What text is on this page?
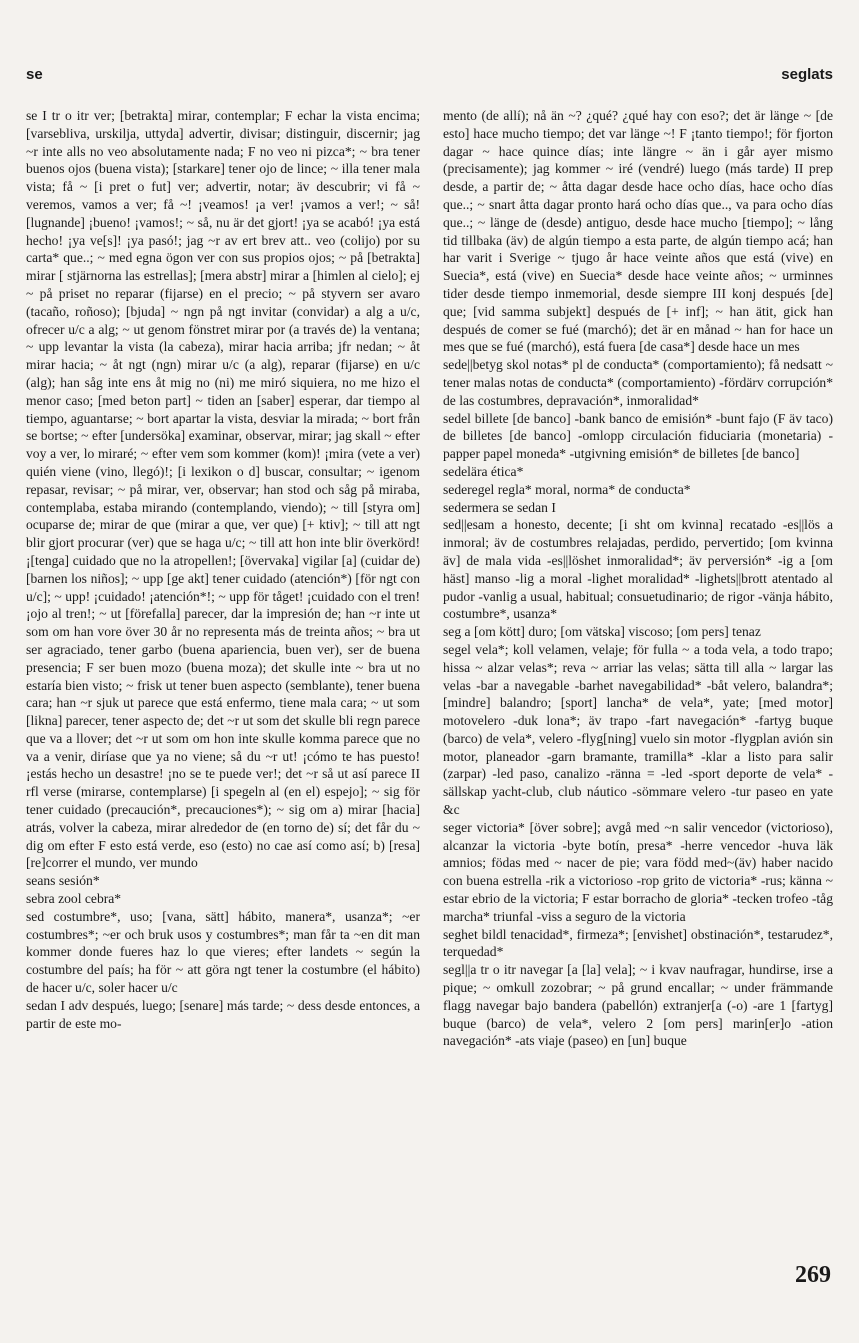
se	seglats

se I tr o itr ver; [betrakta] mirar, contemplar; F echar la vista encima; [varsebliva, urskilja, uttyda] advertir, divisar; distinguir, discernir; jag ~r inte alls no veo absolutamente nada; F no veo ni pizca*; ~ bra tener buenos ojos (buena vista); [starkare] tener ojo de lince; ~ illa tener mala vista; få ~ [i pret o fut] ver; advertir, notar; äv descubrir; vi få ~ veremos, vamos a ver; få ~! ¡veamos! ¡a ver! ¡vamos a ver!; ~ så! [lugnande] ¡bueno! ¡vamos!; ~ så, nu är det gjort! ¡ya se acabó! ¡ya está hecho! ¡ya ve[s]! ¡ya pasó!; jag ~r av ert brev att.. veo (colijo) por su carta* que..; ~ med egna ögon ver con sus propios ojos; ~ på [betrakta] mirar [ stjärnorna las estrellas]; [mera abstr] mirar a [himlen al cielo]; ej ~ på priset no reparar (fijarse) en el precio; ~ på styvern ser avaro (tacaño, roñoso); [bjuda] ~ ngn på ngt invitar (convidar) a alg a u/c, ofrecer u/c a alg; ~ ut genom fönstret mirar por (a través de) la ventana; ~ upp levantar la vista (la cabeza), mirar hacia arriba; jfr nedan; ~ åt mirar hacia; ~ åt ngt (ngn) mirar u/c (a alg), reparar (fijarse) en u/c (alg); han såg inte ens åt mig no (ni) me miró siquiera, no me hizo el menor caso; [med beton part] ~ tiden an [saber] esperar, dar tiempo al tiempo, aguantarse; ~ bort apartar la vista, desviar la mirada; ~ bort från se bortse; ~ efter [undersöka] examinar, observar, mirar; jag skall ~ efter voy a ver, lo miraré; ~ efter vem som kommer (kom)! ¡mira (vete a ver) quién viene (vino, llegó)!; [i lexikon o d] buscar, consultar; ~ igenom repasar, revisar; ~ på mirar, ver, observar; han stod och såg på miraba, contemplaba, estaba mirando (contemplando, viendo); ~ till [styra om] ocuparse de; mirar de que (mirar a que, ver que) [+ ktiv]; ~ till att ngt blir gjort procurar (ver) que se haga u/c; ~ till att hon inte blir överkörd! ¡[tenga] cuidado que no la atropellen!; [övervaka] vigilar [a] (cuidar de) [barnen los niños]; ~ upp [ge akt] tener cuidado (atención*) [för ngt con u/c]; ~ upp! ¡cuidado! ¡atención*!; ~ upp för tåget! ¡cuidado con el tren! ¡ojo al tren!; ~ ut [förefalla] parecer, dar la impresión de; han ~r inte ut som om han vore över 30 år no representa más de treinta años; ~ bra ut ser agraciado, tener garbo (buena apariencia, buen ver), ser de buena presencia; F ser buen mozo (buena moza); det skulle inte ~ bra ut no estaría bien visto; ~ frisk ut tener buen aspecto (semblante), tener buena cara; han ~r sjuk ut parece que está enfermo, tiene mala cara; ~ ut som [likna] parecer, tener aspecto de; det ~r ut som det skulle bli regn parece que va a llover; det ~r ut som om hon inte skulle komma parece que no va a venir, diríase que ya no viene; så du ~r ut! ¡cómo te has puesto! ¡estás hecho un desastre! ¡no se te puede ver!; det ~r så ut así parece II rfl verse (mirarse, contemplarse) [i spegeln al (en el) espejo]; ~ sig för tener cuidado (precaución*, precauciones*); ~ sig om a) mirar [hacia] atrás, volver la cabeza, mirar alrededor de (en torno de) sí; det får du ~ dig om efter F esto está verde, eso (esto) no cae así como así; b) [resa] [re]correr el mundo, ver mundo

seans sesión*

sebra zool cebra*

sed costumbre*, uso; [vana, sätt] hábito, manera*, usanza*; ~er costumbres*; ~er och bruk usos y costumbres*; man får ta ~en dit man kommer donde fueres haz lo que vieres; efter landets ~ según la costumbre del país; ha för ~ att göra ngt tener la costumbre (el hábito) de hacer u/c, soler hacer u/c

sedan I adv después, luego; [senare] más tarde; ~ dess desde entonces, a partir de este mo-

mento (de allí); nå än ~? ¿qué? ¿qué hay con eso?; det är länge ~ [de esto] hace mucho tiempo; det var länge ~! F ¡tanto tiempo!; för fjorton dagar ~ hace quince días; inte längre ~ än i går ayer mismo (precisamente); jag kommer ~ iré (vendré) luego (más tarde) II prep desde, a partir de; ~ åtta dagar desde hace ocho días, hace ocho días que..; ~ snart åtta dagar pronto hará ocho días que.., va para ocho días que..; ~ länge de (desde) antiguo, desde hace mucho [tiempo]; ~ lång tid tillbaka (äv) de algún tiempo a esta parte, de algún tiempo acá; han har varit i Sverige ~ tjugo år hace veinte años que está (vive) en Suecia*, está (vive) en Suecia* desde hace veinte años; ~ urminnes tider desde tiempo inmemorial, desde siempre III konj después [de] que; [vid samma subjekt] después de [+ inf]; ~ han ätit, gick han después de comer se fué (marchó); det är en månad ~ han for hace un mes que se fué (marchó), está fuera [de casa*] desde hace un mes

sede||betyg skol notas* pl de conducta* (comportamiento); få nedsatt ~ tener malas notas de conducta* (comportamiento) -fördärv corrupción* de las costumbres, depravación*, inmoralidad*

sedel billete [de banco] -bank banco de emisión* -bunt fajo (F äv taco) de billetes [de banco] -omlopp circulación fiduciaria (monetaria) -papper papel moneda* -utgivning emisión* de billetes [de banco]

sedelära ética*

sederegel regla* moral, norma* de conducta*

sedermera se sedan I

sed||esam a honesto, decente; [i sht om kvinna] recatado -es||lös a inmoral; äv de costumbres relajadas, perdido, pervertido; [om kvinna äv] de mala vida -es||löshet inmoralidad*; äv perversión* -ig a [om häst] manso -lig a moral -lighet moralidad* -lighets||brott atentado al pudor -vanlig a usual, habitual; consuetudinario; de rigor -vänja hábito, costumbre*, usanza*

seg a [om kött] duro; [om vätska] viscoso; [om pers] tenaz

segel vela*; koll velamen, velaje; för fulla ~ a toda vela, a todo trapo; hissa ~ alzar velas*; reva ~ arriar las velas; sätta till alla ~ largar las velas -bar a navegable -barhet navegabilidad* -båt velero, balandra*; [mindre] balandro; [sport] lancha* de vela*, yate; [med motor] motovelero -duk lona*; äv trapo -fart navegación* -fartyg buque (barco) de vela*, velero -flyg[ning] vuelo sin motor -flygplan avión sin motor, planeador -garn bramante, tramilla* -klar a listo para salir (zarpar) -led paso, canalizo -ränna = -led -sport deporte de vela* -sällskap yacht-club, club náutico -sömmare velero -tur paseo en yate &c

seger victoria* [över sobre]; avgå med ~n salir vencedor (victorioso), alcanzar la victoria -byte botín, presa* -herre vencedor -huva läk amnios; födas med ~ nacer de pie; vara född med~(äv) haber nacido con buena estrella -rik a victorioso -rop grito de victoria* -rus; känna ~ estar ebrio de la victoria; F estar borracho de gloria* -tecken trofeo -tåg marcha* triunfal -viss a seguro de la victoria

seghet bildl tenacidad*, firmeza*; [envishet] obstinación*, testarudez*, terquedad*

segl||a tr o itr navegar [a [la] vela]; ~ i kvav naufragar, hundirse, irse a pique; ~ omkull zozobrar; ~ på grund encallar; ~ under främmande flagg navegar bajo bandera (pabellón) extranjer[a (-o) -are 1 [fartyg] buque (barco) de vela*, velero 2 [om pers] marin[er]o -ation navegación* -ats viaje (paseo) en [un] buque

269
